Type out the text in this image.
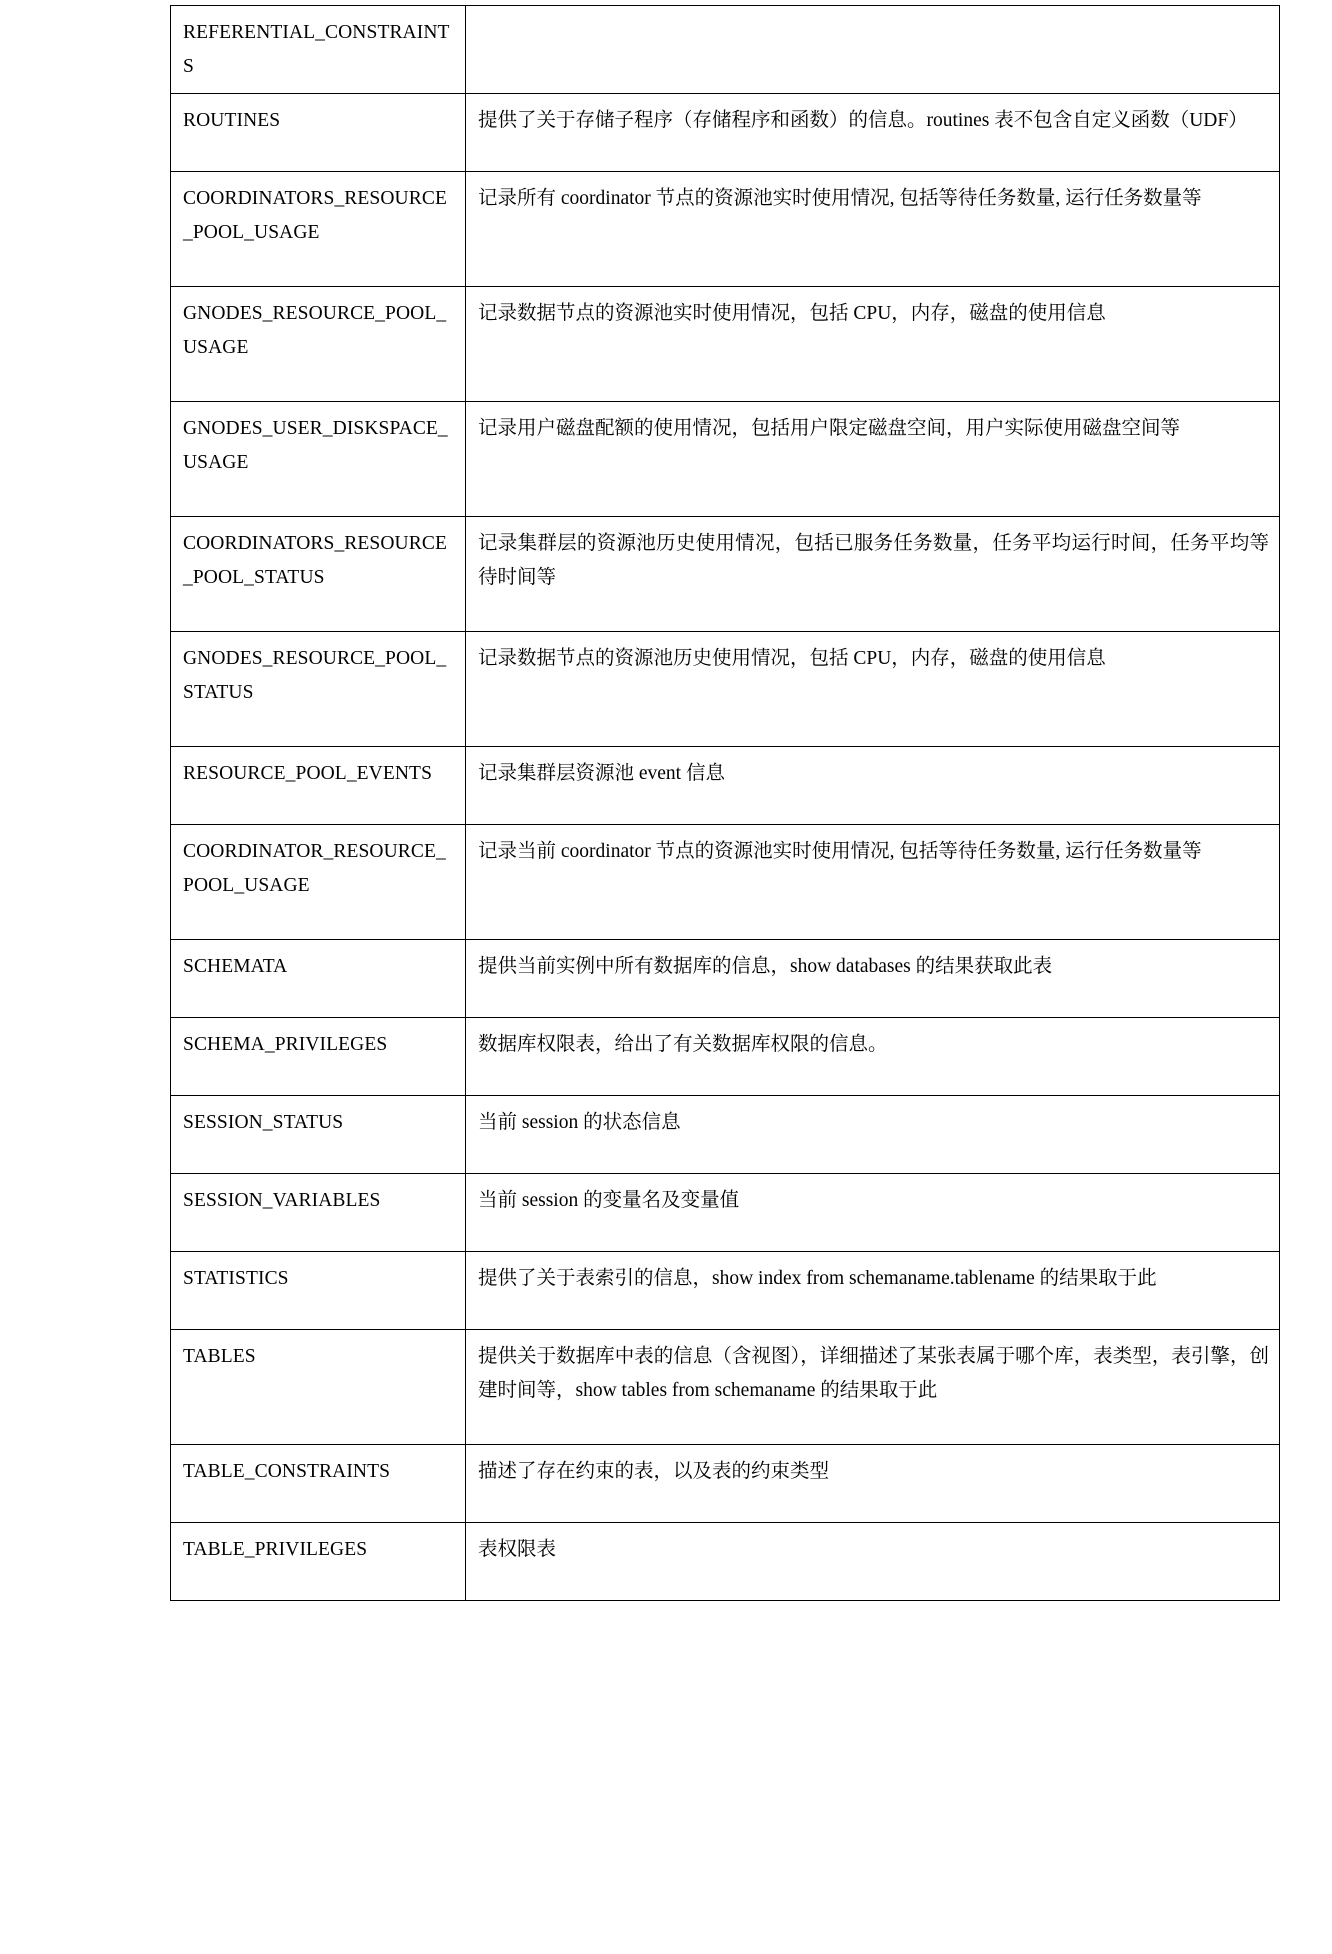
REFERENTIAL_CONSTRAINTS	

ROUTINES	提供了关于存储子程序（存储程序和函数）的信息。routines 表不包含自定义函数（UDF）

COORDINATORS_RESOURCE_POOL_USAGE	记录所有 coordinator 节点的资源池实时使用情况, 包括等待任务数量, 运行任务数量等

GNODES_RESOURCE_POOL_USAGE	记录数据节点的资源池实时使用情况，包括 CPU，内存，磁盘的使用信息

GNODES_USER_DISKSPACE_USAGE	记录用户磁盘配额的使用情况，包括用户限定磁盘空间，用户实际使用磁盘空间等

COORDINATORS_RESOURCE_POOL_STATUS	记录集群层的资源池历史使用情况，包括已服务任务数量，任务平均运行时间，任务平均等待时间等

GNODES_RESOURCE_POOL_STATUS	记录数据节点的资源池历史使用情况，包括 CPU，内存，磁盘的使用信息

RESOURCE_POOL_EVENTS	记录集群层资源池 event 信息

COORDINATOR_RESOURCE_POOL_USAGE	记录当前 coordinator 节点的资源池实时使用情况, 包括等待任务数量, 运行任务数量等

SCHEMATA	提供当前实例中所有数据库的信息，show databases 的结果获取此表

SCHEMA_PRIVILEGES	数据库权限表，给出了有关数据库权限的信息。

SESSION_STATUS	当前 session 的状态信息

SESSION_VARIABLES	当前 session 的变量名及变量值

STATISTICS	提供了关于表索引的信息，show index from schemaname.tablename 的结果取于此

TABLES	提供关于数据库中表的信息（含视图），详细描述了某张表属于哪个库，表类型，表引擎，创建时间等，show tables from schemaname 的结果取于此

TABLE_CONSTRAINTS	描述了存在约束的表，以及表的约束类型

TABLE_PRIVILEGES	表权限表
